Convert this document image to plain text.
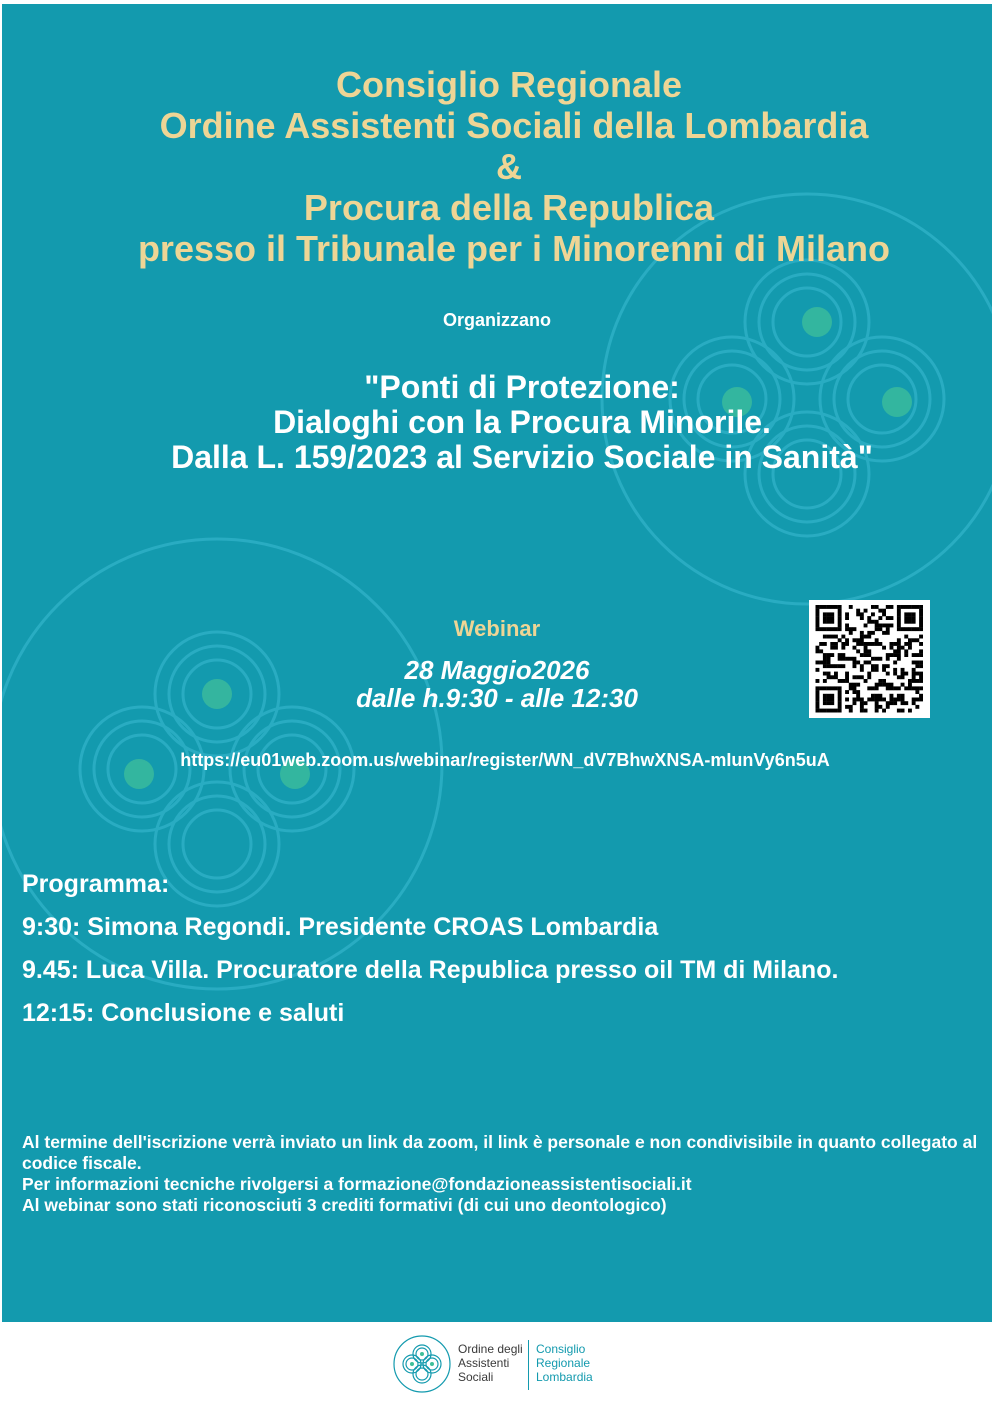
Consiglio Regionale
Ordine Assistenti Sociali della Lombardia
&
Procura della Republica
presso il Tribunale per i Minorenni di Milano
Organizzano
"Ponti di Protezione:
Dialoghi con la Procura Minorile.
Dalla L. 159/2023 al Servizio Sociale in Sanità"
Webinar
28 Maggio2026
dalle h.9:30 - alle 12:30
https://eu01web.zoom.us/webinar/register/WN_dV7BhwXNSA-mIunVy6n5uA
Programma:
9:30: Simona Regondi. Presidente CROAS Lombardia
9.45: Luca Villa. Procuratore della Republica presso oil TM di Milano.
12:15: Conclusione e saluti
Al termine dell'iscrizione verrà inviato un link da zoom, il link è personale e non condivisibile in quanto collegato al codice fiscale.
Per informazioni tecniche rivolgersi a formazione@fondazioneassistentisociali.it
Al webinar sono stati riconosciuti 3 crediti formativi (di cui uno deontologico)
Ordine degli
Assistenti
Sociali
Consiglio
Regionale
Lombardia
